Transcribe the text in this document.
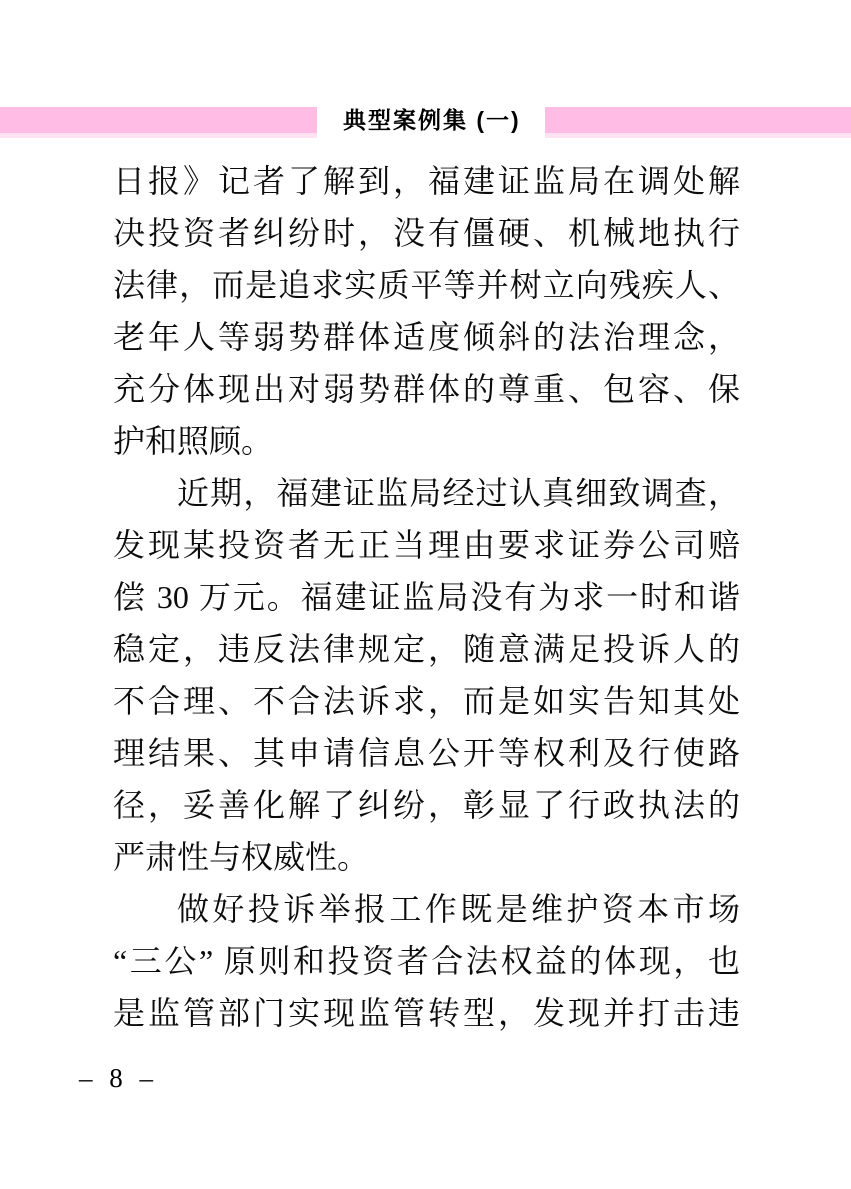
典型案例集 (一)
日报》记者了解到，福建证监局在调处解
决投资者纠纷时，没有僵硬、机械地执行
法律，而是追求实质平等并树立向残疾人、
老年人等弱势群体适度倾斜的法治理念，
充分体现出对弱势群体的尊重、包容、保
护和照顾。
近期，福建证监局经过认真细致调查，
发现某投资者无正当理由要求证券公司赔
偿 30 万元。福建证监局没有为求一时和谐
稳定，违反法律规定，随意满足投诉人的
不合理、不合法诉求，而是如实告知其处
理结果、其申请信息公开等权利及行使路
径，妥善化解了纠纷，彰显了行政执法的
严肃性与权威性。
做好投诉举报工作既是维护资本市场
“三公” 原则和投资者合法权益的体现，也
是监管部门实现监管转型，发现并打击违
– 8 –
